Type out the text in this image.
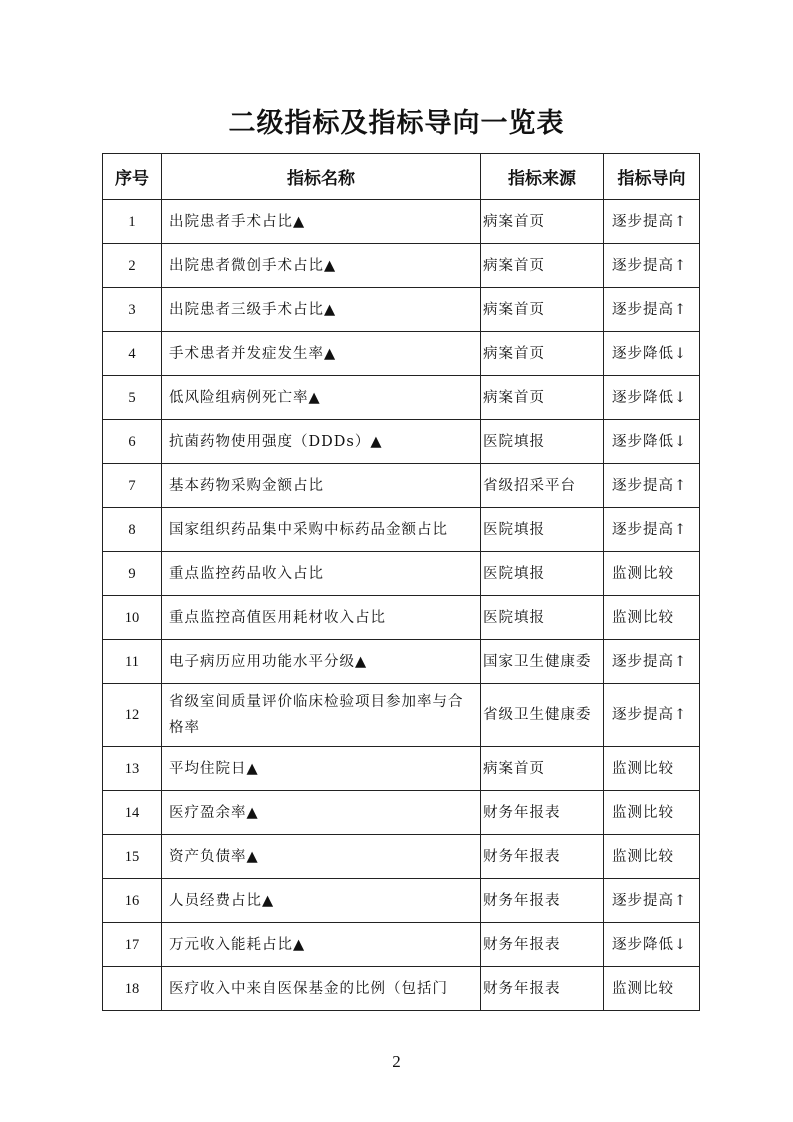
二级指标及指标导向一览表
序号	指标名称	指标来源	指标导向
1	出院患者手术占比▲	病案首页	逐步提高↑
2	出院患者微创手术占比▲	病案首页	逐步提高↑
3	出院患者三级手术占比▲	病案首页	逐步提高↑
4	手术患者并发症发生率▲	病案首页	逐步降低↓
5	低风险组病例死亡率▲	病案首页	逐步降低↓
6	抗菌药物使用强度（DDDs）▲	医院填报	逐步降低↓
7	基本药物采购金额占比	省级招采平台	逐步提高↑
8	国家组织药品集中采购中标药品金额占比	医院填报	逐步提高↑
9	重点监控药品收入占比	医院填报	监测比较
10	重点监控高值医用耗材收入占比	医院填报	监测比较
11	电子病历应用功能水平分级▲	国家卫生健康委	逐步提高↑
12	省级室间质量评价临床检验项目参加率与合格率	省级卫生健康委	逐步提高↑
13	平均住院日▲	病案首页	监测比较
14	医疗盈余率▲	财务年报表	监测比较
15	资产负债率▲	财务年报表	监测比较
16	人员经费占比▲	财务年报表	逐步提高↑
17	万元收入能耗占比▲	财务年报表	逐步降低↓
18	医疗收入中来自医保基金的比例（包括门	财务年报表	监测比较
2
